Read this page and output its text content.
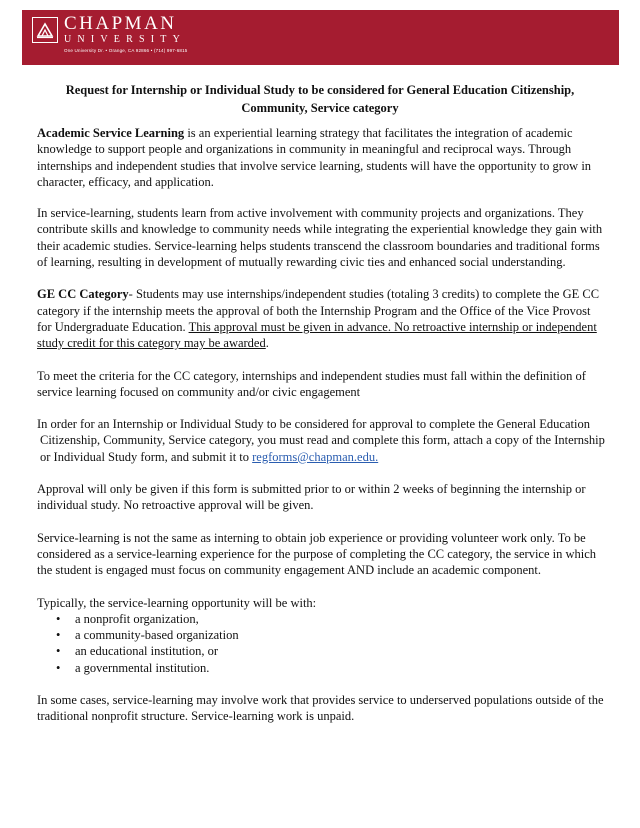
CHAPMAN
UNIVERSITY
One University Dr. • Orange, CA 92866 • (714) 997-6815
Request for Internship or Individual Study to be considered for General Education Citizenship, Community, Service category

Academic Service Learning is an experiential learning strategy that facilitates the integration of academic knowledge to support people and organizations in community in meaningful and reciprocal ways. Through internships and independent studies that involve service learning, students will have the opportunity to grow in character, efficacy, and application.

In service-learning, students learn from active involvement with community projects and organizations. They contribute skills and knowledge to community needs while integrating the experiential knowledge they gain with their academic studies. Service-learning helps students transcend the classroom boundaries and traditional forms of learning, resulting in development of mutually rewarding civic ties and enhanced social understanding.

GE CC Category- Students may use internships/independent studies (totaling 3 credits) to complete the GE CC category if the internship meets the approval of both the Internship Program and the Office of the Vice Provost for Undergraduate Education. This approval must be given in advance. No retroactive internship or independent study credit for this category may be awarded.

To meet the criteria for the CC category, internships and independent studies must fall within the definition of service learning focused on community and/or civic engagement

In order for an Internship or Individual Study to be considered for approval to complete the General Education Citizenship, Community, Service category, you must read and complete this form, attach a copy of the Internship or Individual Study form, and submit it to regforms@chapman.edu.

Approval will only be given if this form is submitted prior to or within 2 weeks of beginning the internship or individual study. No retroactive approval will be given.

Service-learning is not the same as interning to obtain job experience or providing volunteer work only. To be considered as a service-learning experience for the purpose of completing the CC category, the service in which the student is engaged must focus on community engagement AND include an academic component.

Typically, the service-learning opportunity will be with:
• a nonprofit organization,
• a community-based organization
• an educational institution, or
• a governmental institution.

In some cases, service-learning may involve work that provides service to underserved populations outside of the traditional nonprofit structure. Service-learning work is unpaid.
